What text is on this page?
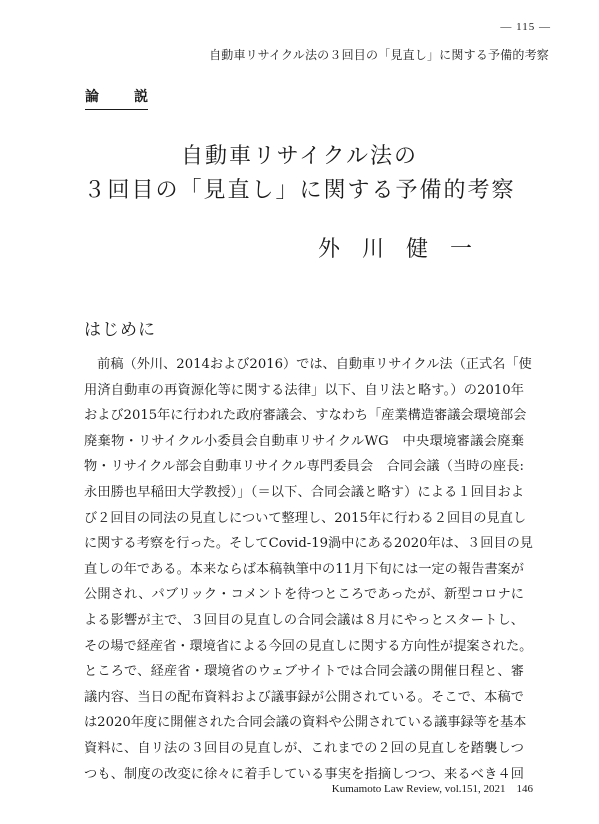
— 115 —
自動車リサイクル法の３回目の「見直し」に関する予備的考察
論	説
自動車リサイクル法の
３回目の「見直し」に関する予備的考察
外川健一
はじめに
　前稿（外川、2014および2016）では、自動車リサイクル法（正式名「使
用済自動車の再資源化等に関する法律」以下、自リ法と略す。）の2010年
および2015年に行われた政府審議会、すなわち「産業構造審議会環境部会
廃棄物・リサイクル小委員会自動車リサイクルWG　中央環境審議会廃棄
物・リサイクル部会自動車リサイクル専門委員会　合同会議（当時の座長:
永田勝也早稲田大学教授）」（＝以下、合同会議と略す）による１回目およ
び２回目の同法の見直しについて整理し、2015年に行わる２回目の見直し
に関する考察を行った。そしてCovid-19渦中にある2020年は、３回目の見
直しの年である。本来ならば本稿執筆中の11月下旬には一定の報告書案が
公開され、パブリック・コメントを待つところであったが、新型コロナに
よる影響が主で、３回目の見直しの合同会議は８月にやっとスタートし、
その場で経産省・環境省による今回の見直しに関する方向性が提案された。
ところで、経産省・環境省のウェブサイトでは合同会議の開催日程と、審
議内容、当日の配布資料および議事録が公開されている。そこで、本稿で
は2020年度に開催された合同会議の資料や公開されている議事録等を基本
資料に、自リ法の３回目の見直しが、これまでの２回の見直しを踏襲しつ
つも、制度の改変に徐々に着手している事実を指摘しつつ、来るべき４回
Kumamoto Law Review, vol.151, 2021　146
